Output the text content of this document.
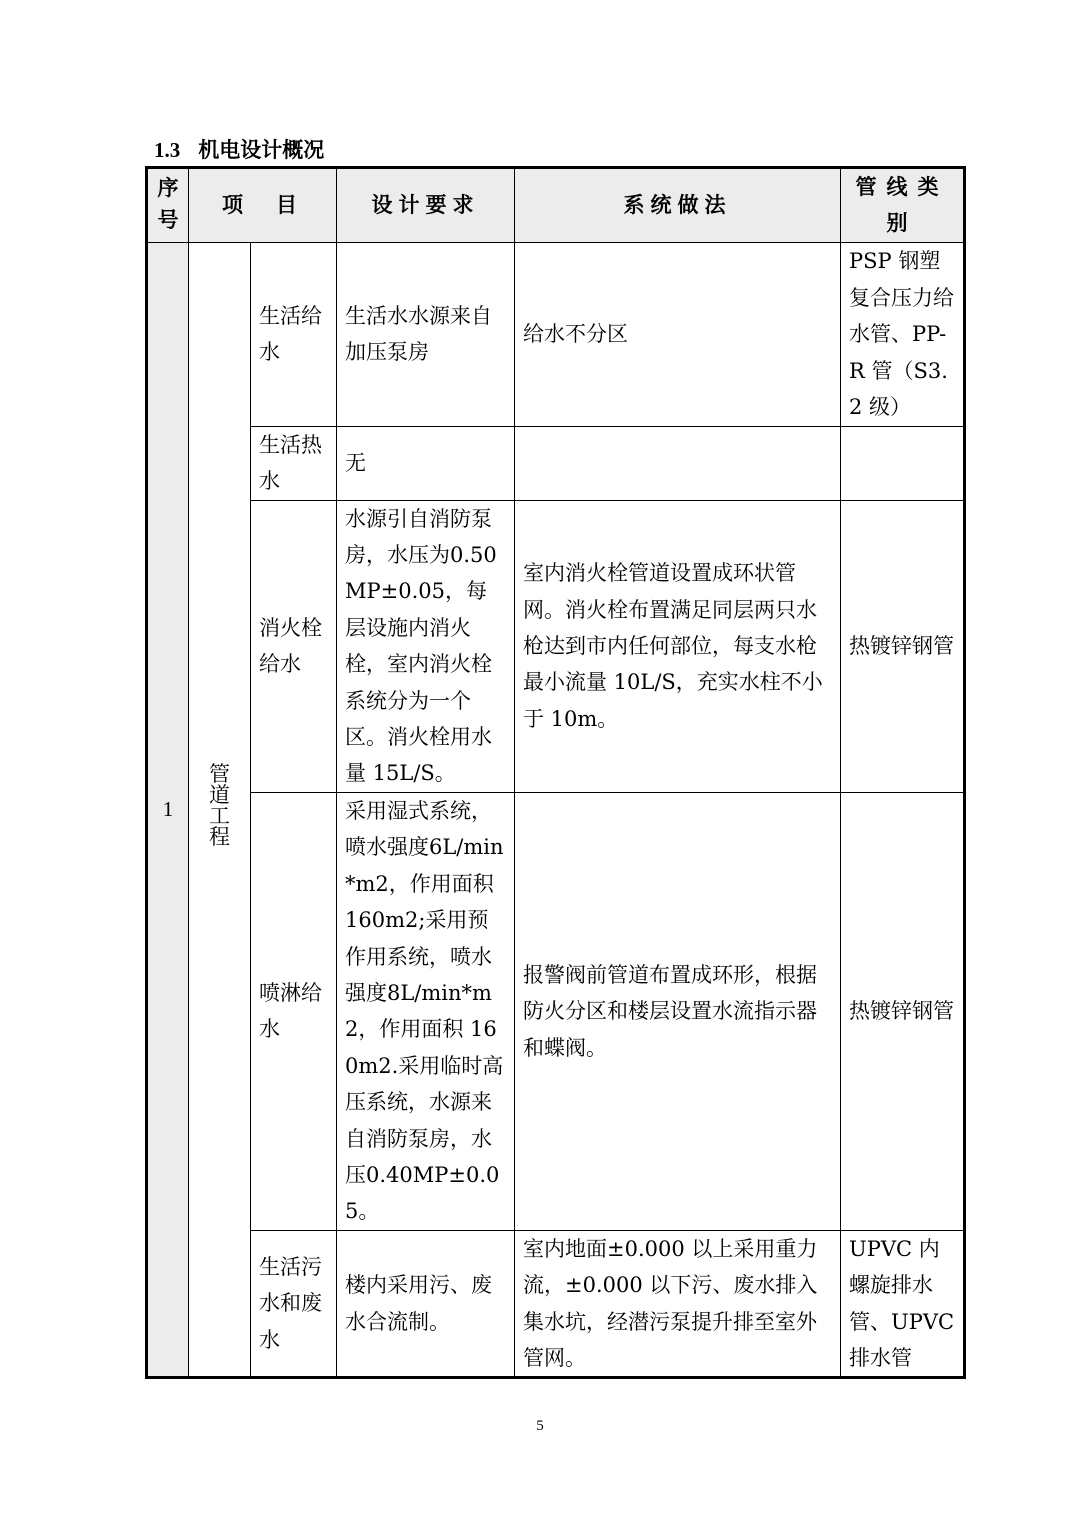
1.3 机电设计概况
序号	项　目		设计要求	系统做法	管线类别
1	管道工程	生活给水	生活水水源来自加压泵房	给水不分区	PSP 钢塑复合压力给水管、PP-R 管（S3.2 级）
		生活热水	无		
		消火栓给水	水源引自消防泵房，水压为0.50MP±0.05，每层设施内消火栓，室内消火栓系统分为一个区。消火栓用水量 15L/S。	室内消火栓管道设置成环状管网。消火栓布置满足同层两只水枪达到市内任何部位，每支水枪最小流量 10L/S，充实水柱不小于 10m。	热镀锌钢管
		喷淋给水	采用湿式系统，喷水强度6L/min*m2，作用面积 160m2;采用预作用系统，喷水强度8L/min*m2，作用面积 160m2.采用临时高压系统，水源来自消防泵房，水压0.40MP±0.05。	报警阀前管道布置成环形，根据防火分区和楼层设置水流指示器和蝶阀。	热镀锌钢管
		生活污水和废水	楼内采用污、废水合流制。	室内地面±0.000 以上采用重力流，±0.000 以下污、废水排入集水坑，经潜污泵提升排至室外管网。	UPVC 内螺旋排水管、UPVC 排水管
5
